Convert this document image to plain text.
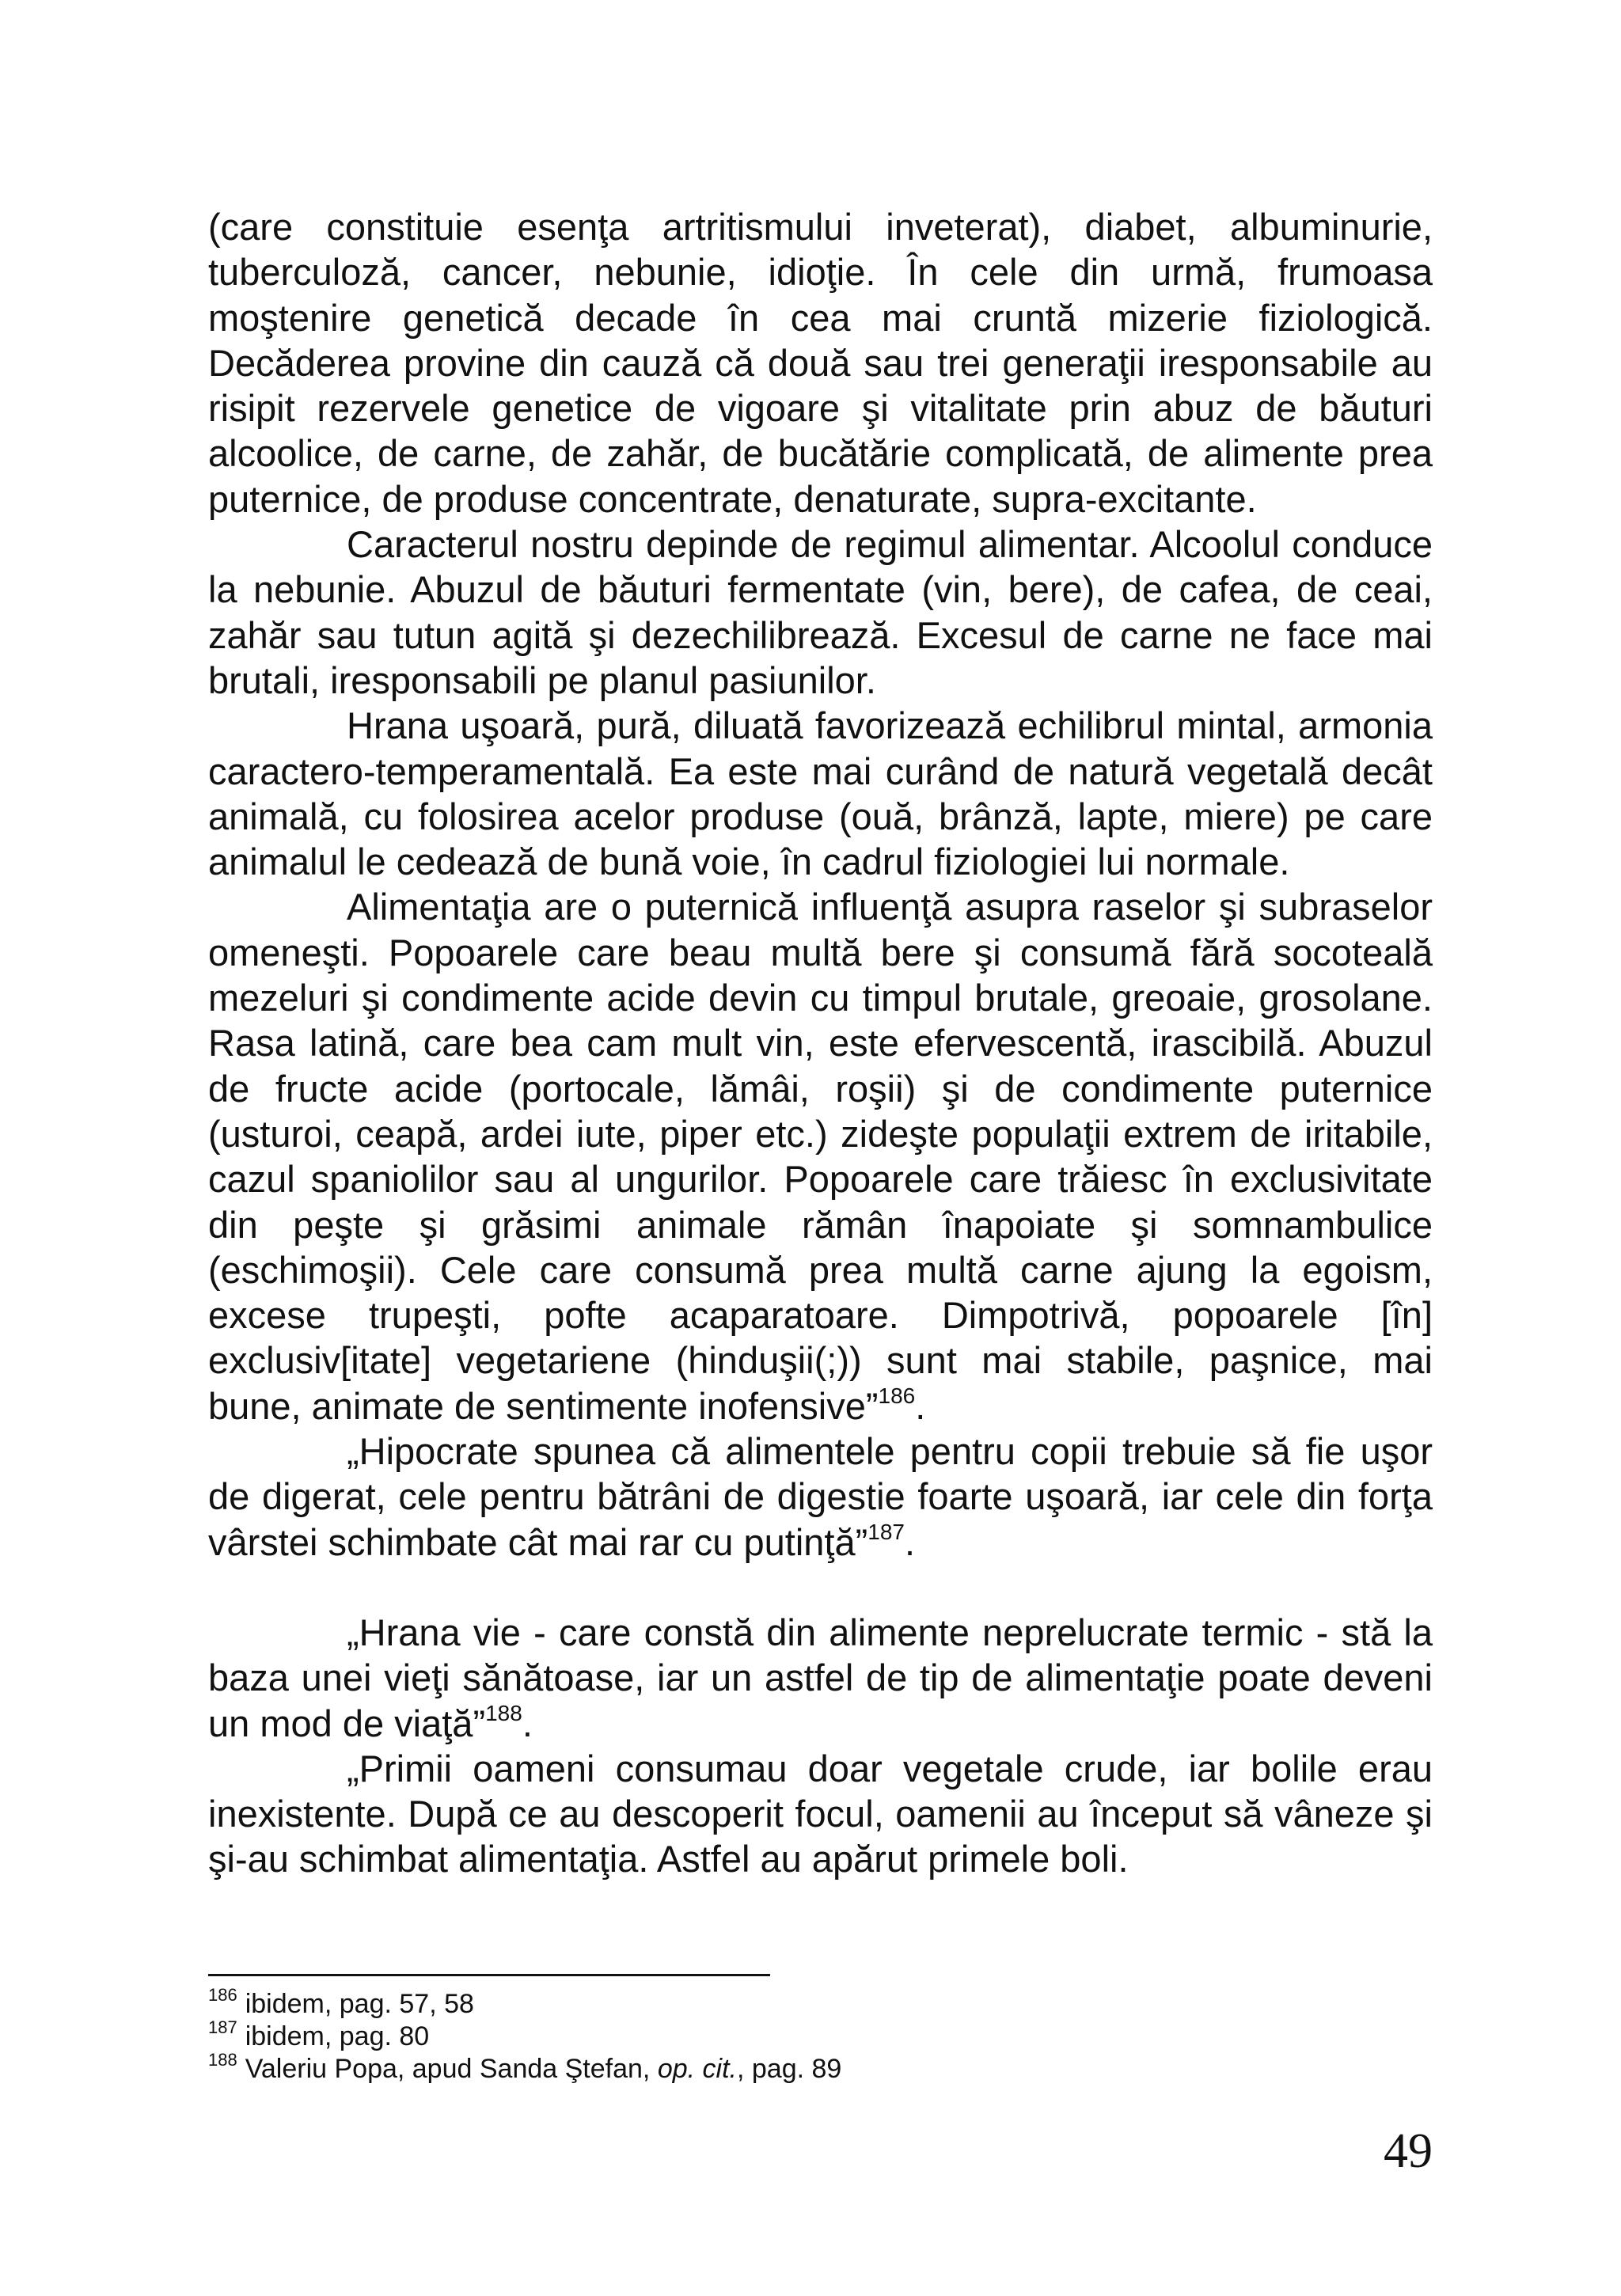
(care constituie esenţa artritismului inveterat), diabet, albuminurie, tuberculoză, cancer, nebunie, idioţie. În cele din urmă, frumoasa moştenire genetică decade în cea mai cruntă mizerie fiziologică. Decăderea provine din cauză că două sau trei generaţii iresponsabile au risipit rezervele genetice de vigoare şi vitalitate prin abuz de băuturi alcoolice, de carne, de zahăr, de bucătărie complicată, de alimente prea puternice, de produse concentrate, denaturate, supra-excitante.

Caracterul nostru depinde de regimul alimentar. Alcoolul conduce la nebunie. Abuzul de băuturi fermentate (vin, bere), de cafea, de ceai, zahăr sau tutun agită şi dezechilibrează. Excesul de carne ne face mai brutali, iresponsabili pe planul pasiunilor.

Hrana uşoară, pură, diluată favorizează echilibrul mintal, armonia caractero-temperamentală. Ea este mai curând de natură vegetală decât animală, cu folosirea acelor produse (ouă, brânză, lapte, miere) pe care animalul le cedează de bună voie, în cadrul fiziologiei lui normale.

Alimentaţia are o puternică influenţă asupra raselor şi subraselor omeneşti. Popoarele care beau multă bere şi consumă fără socoteală mezeluri şi condimente acide devin cu timpul brutale, greoaie, grosolane. Rasa latină, care bea cam mult vin, este efervescentă, irascibilă. Abuzul de fructe acide (portocale, lămâi, roşii) şi de condimente puternice (usturoi, ceapă, ardei iute, piper etc.) zideşte populaţii extrem de iritabile, cazul spaniolilor sau al ungurilor. Popoarele care trăiesc în exclusivitate din peşte şi grăsimi animale rămân înapoiate şi somnambulice (eschimoşii). Cele care consumă prea multă carne ajung la egoism, excese trupeşti, pofte acaparatoare. Dimpotrivă, popoarele [în] exclusiv[itate] vegetariene (hinduşii(;)) sunt mai stabile, paşnice, mai bune, animate de sentimente inofensive”$^{186}$.

„Hipocrate spunea că alimentele pentru copii trebuie să fie uşor de digerat, cele pentru bătrâni de digestie foarte uşoară, iar cele din forţa vârstei schimbate cât mai rar cu putinţă”$^{187}$.

„Hrana vie - care constă din alimente neprelucrate termic - stă la baza unei vieţi sănătoase, iar un astfel de tip de alimentaţie poate deveni un mod de viaţă”$^{188}$.

„Primii oameni consumau doar vegetale crude, iar bolile erau inexistente. După ce au descoperit focul, oamenii au început să vâneze şi şi-au schimbat alimentaţia. Astfel au apărut primele boli.

$^{186}$ ibidem, pag. 57, 58
$^{187}$ ibidem, pag. 80
$^{188}$ Valeriu Popa, apud Sanda Ştefan, op. cit., pag. 89
49
